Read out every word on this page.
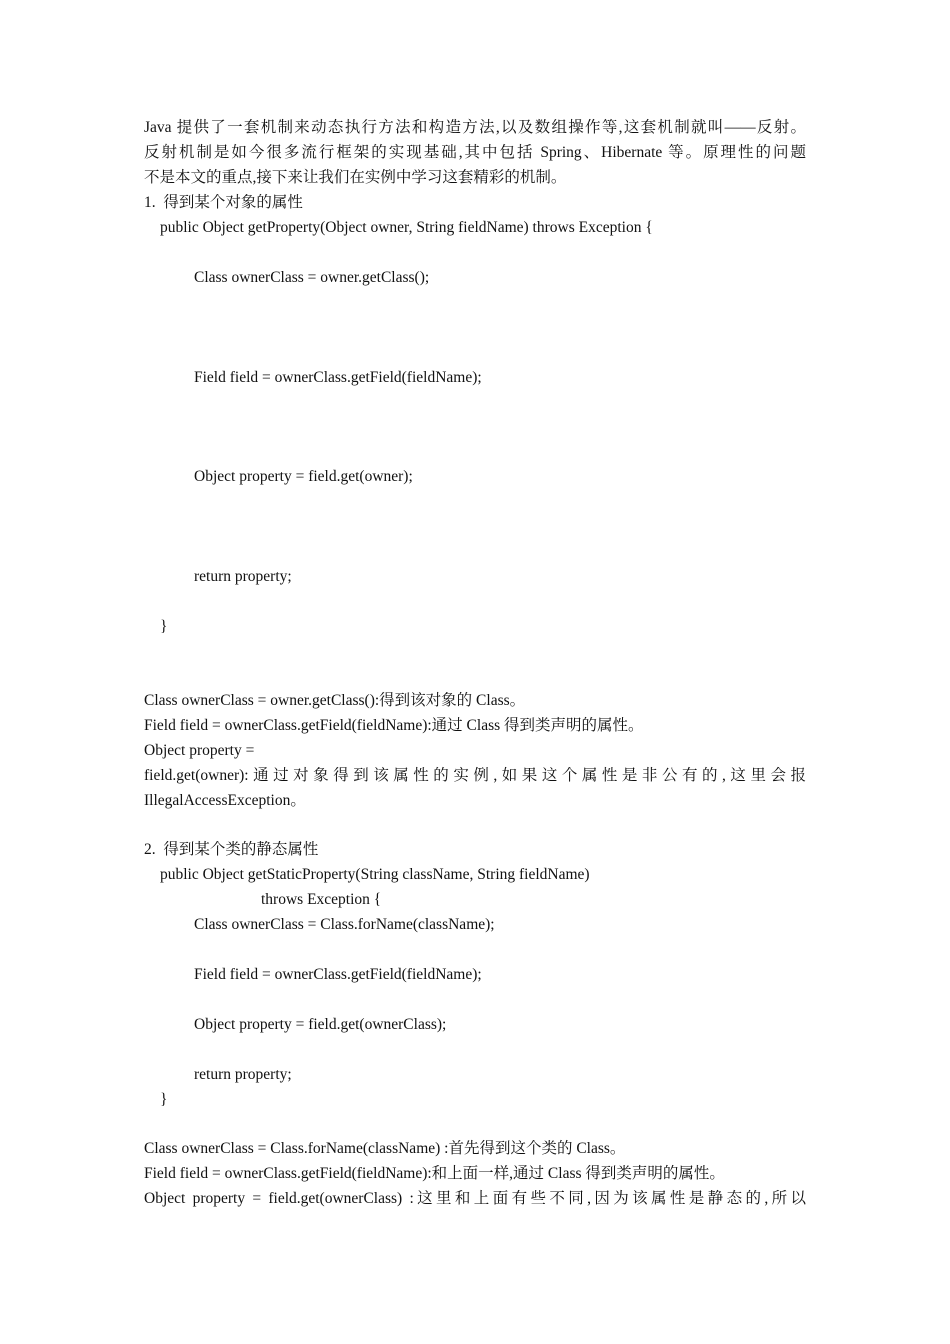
Java 提供了一套机制来动态执行方法和构造方法,以及数组操作等,这套机制就叫——反射。
反射机制是如今很多流行框架的实现基础,其中包括 Spring、Hibernate 等。原理性的问题
不是本文的重点,接下来让我们在实例中学习这套精彩的机制。
1.  得到某个对象的属性
public Object getProperty(Object owner, String fieldName) throws Exception {
Class ownerClass = owner.getClass();
Field field = ownerClass.getField(fieldName);
Object property = field.get(owner);
return property;
}
Class ownerClass = owner.getClass():得到该对象的 Class。
Field field = ownerClass.getField(fieldName):通过 Class 得到类声明的属性。
Object property =
field.get(owner):通过对象得到该属性的实例,如果这个属性是非公有的,这里会报
IllegalAccessException。
2.  得到某个类的静态属性
public Object getStaticProperty(String className, String fieldName)
throws Exception {
Class ownerClass = Class.forName(className);
Field field = ownerClass.getField(fieldName);
Object property = field.get(ownerClass);
return property;
}
Class ownerClass = Class.forName(className) :首先得到这个类的 Class。
Field field = ownerClass.getField(fieldName):和上面一样,通过 Class 得到类声明的属性。
Object property = field.get(ownerClass) :这里和上面有些不同,因为该属性是静态的,所以
